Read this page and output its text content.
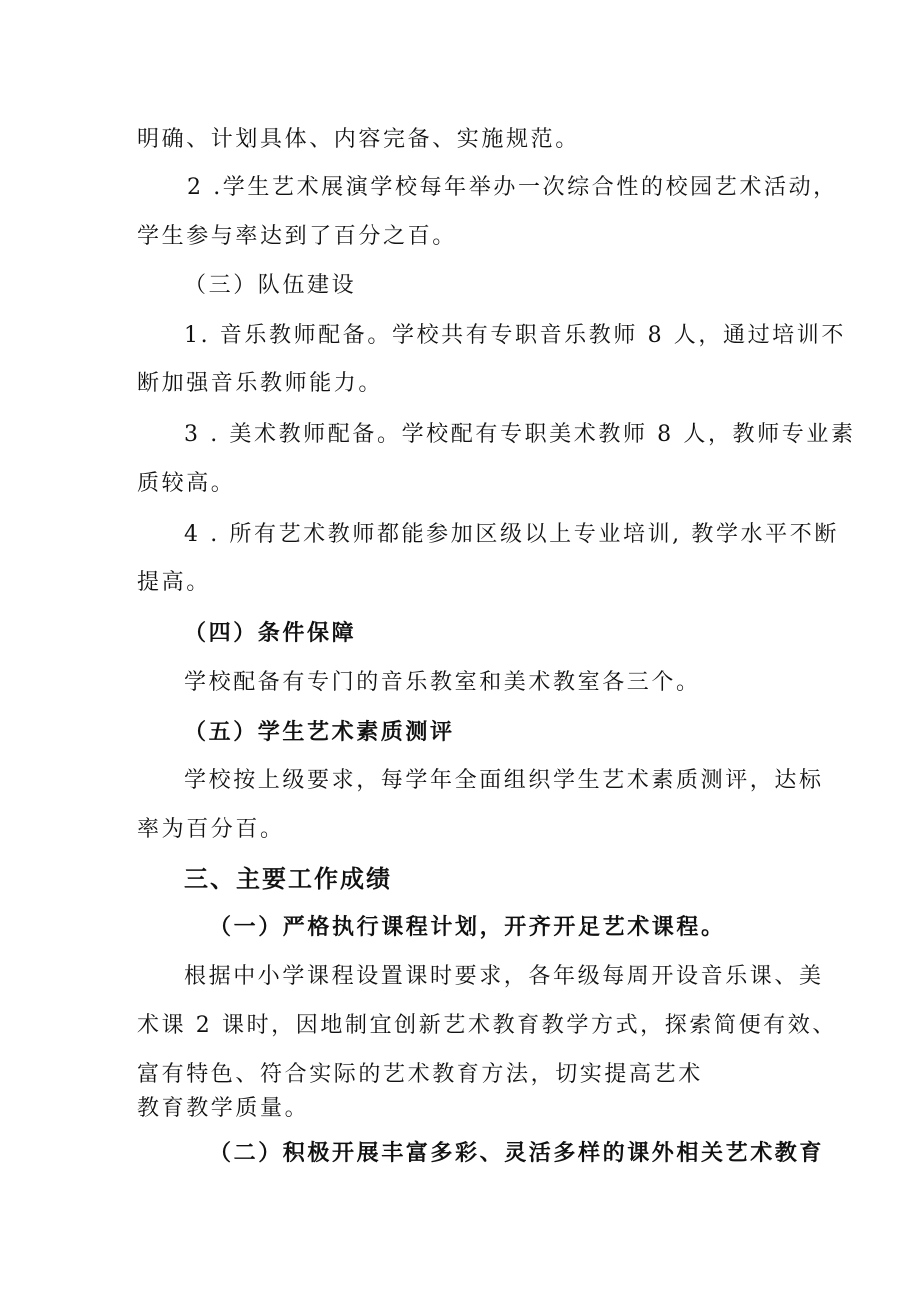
明确、计划具体、内容完备、实施规范。
2 .学生艺术展演学校每年举办一次综合性的校园艺术活动，
学生参与率达到了百分之百。
（三）队伍建设
1. 音乐教师配备。学校共有专职音乐教师 8 人，通过培训不
断加强音乐教师能力。
3 . 美术教师配备。学校配有专职美术教师 8 人，教师专业素
质较高。
4 . 所有艺术教师都能参加区级以上专业培训, 教学水平不断
提高。
（四）条件保障
学校配备有专门的音乐教室和美术教室各三个。
（五）学生艺术素质测评
学校按上级要求，每学年全面组织学生艺术素质测评，达标
率为百分百。
三、主要工作成绩
（一）严格执行课程计划，开齐开足艺术课程。
根据中小学课程设置课时要求，各年级每周开设音乐课、美
术课 2 课时，因地制宜创新艺术教育教学方式，探索简便有效、
富有特色、符合实际的艺术教育方法，切实提高艺术
教育教学质量。
（二）积极开展丰富多彩、灵活多样的课外相关艺术教育
